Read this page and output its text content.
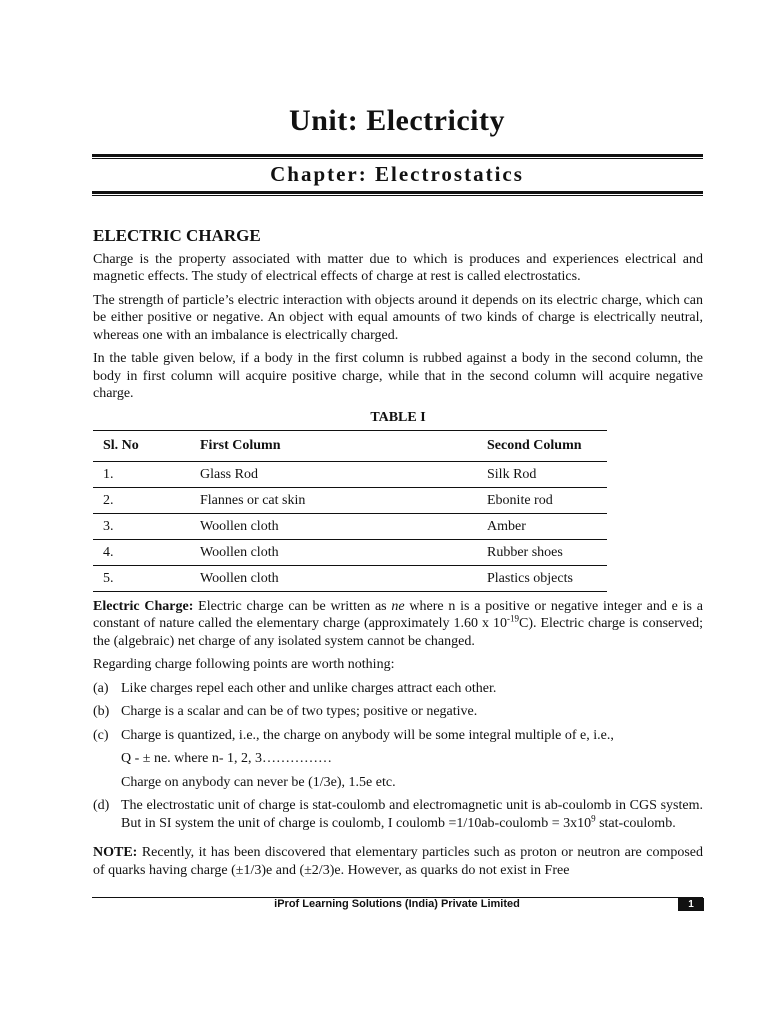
Unit: Electricity
Chapter: Electrostatics
ELECTRIC CHARGE

Charge is the property associated with matter due to which is produces and experiences electrical and magnetic effects. The study of electrical effects of charge at rest is called electrostatics.

The strength of particle’s electric interaction with objects around it depends on its electric charge, which can be either positive or negative. An object with equal amounts of two kinds of charge is electrically neutral, whereas one with an imbalance is electrically charged.

In the table given below, if a body in the first column is rubbed against a body in the second column, the body in first column will acquire positive charge, while that in the second column will acquire negative charge.

TABLE I
Sl. No	First Column	Second Column
1.	Glass Rod	Silk Rod
2.	Flannes or cat skin	Ebonite rod
3.	Woollen cloth	Amber
4.	Woollen cloth	Rubber shoes
5.	Woollen cloth	Plastics objects

Electric Charge: Electric charge can be written as ne where n is a positive or negative integer and e is a constant of nature called the elementary charge (approximately 1.60 x $10^{-19}C$). Electric charge is conserved; the (algebraic) net charge of any isolated system cannot be changed.

Regarding charge following points are worth nothing:

(a) Like charges repel each other and unlike charges attract each other.
(b) Charge is a scalar and can be of two types; positive or negative.
(c) Charge is quantized, i.e., the charge on anybody will be some integral multiple of e, i.e.,
Q - ± ne. where n- 1, 2, 3……………
Charge on anybody can never be (1/3e), 1.5e etc.
(d) The electrostatic unit of charge is stat-coulomb and electromagnetic unit is ab-coulomb in CGS system. But in SI system the unit of charge is coulomb, I coulomb =1/10ab-coulomb = $3x10^9$ stat-coulomb.

NOTE: Recently, it has been discovered that elementary particles such as proton or neutron are composed of quarks having charge (±1/3)e and (±2/3)e. However, as quarks do not exist in Free

iProf Learning Solutions (India) Private Limited	1
